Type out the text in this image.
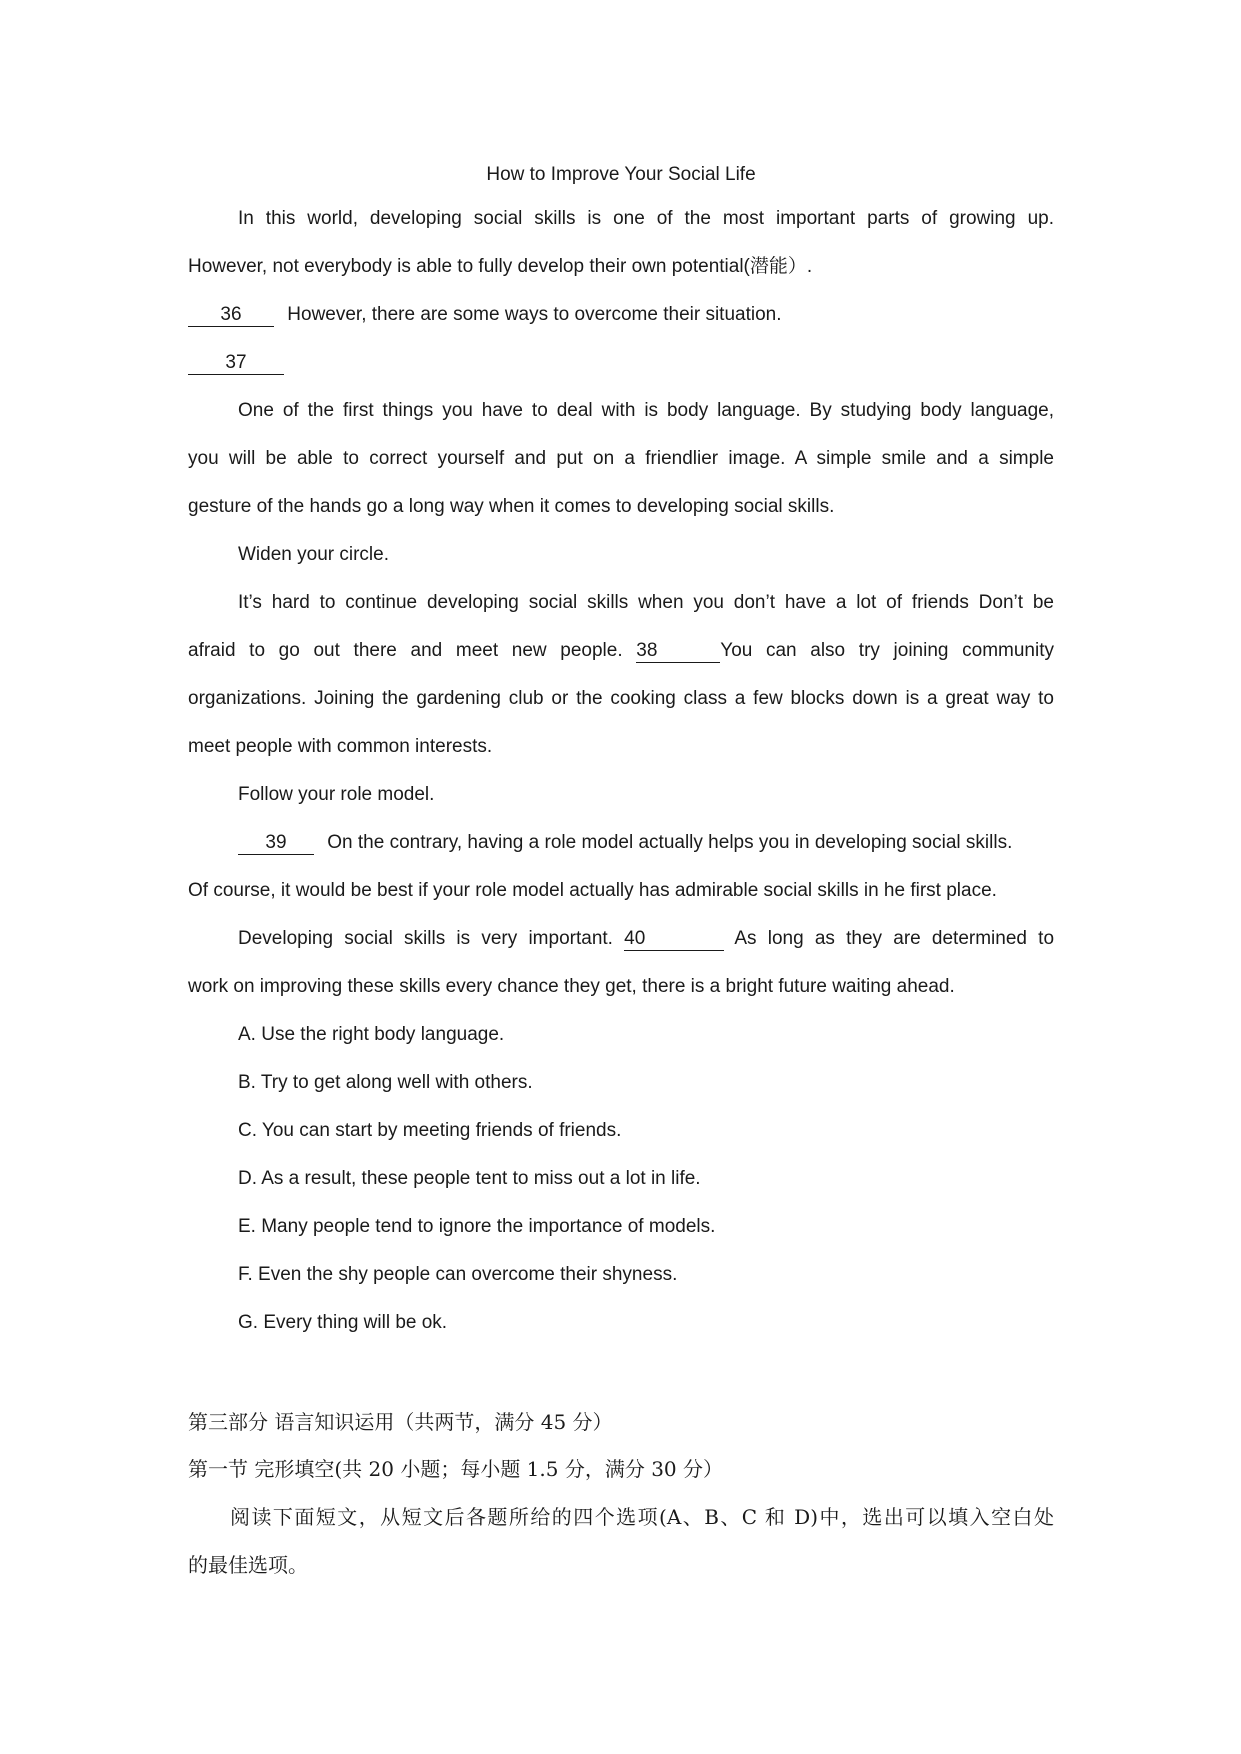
How to Improve Your Social Life
In this world, developing social skills is one of the most important parts of growing up.
However, not everybody is able to fully develop their own potential(潜能）.
36 However, there are some ways to overcome their situation.
37
One of the first things you have to deal with is body language. By studying body language,
you will be able to correct yourself and put on a friendlier image. A simple smile and a simple
gesture of the hands go a long way when it comes to developing social skills.
Widen your circle.
It’s hard to continue developing social skills when you don’t have a lot of friends Don’t be
afraid to go out there and meet new people. 38	You can also try joining community
organizations. Joining the gardening club or the cooking class a few blocks down is a great way to
meet people with common interests.
Follow your role model.
39 On the contrary, having a role model actually helps you in developing social skills.
Of course, it would be best if your role model actually has admirable social skills in he first place.
Developing social skills is very important. 40	As long as they are determined to
work on improving these skills every chance they get, there is a bright future waiting ahead.
A. Use the right body language.
B. Try to get along well with others.
C. You can start by meeting friends of friends.
D. As a result, these people tent to miss out a lot in life.
E. Many people tend to ignore the importance of models.
F. Even the shy people can overcome their shyness.
G. Every thing will be ok.
第三部分 语言知识运用（共两节，满分 45 分）
第一节 完形填空(共 20 小题；每小题 1.5 分，满分 30 分）
阅读下面短文，从短文后各题所给的四个选项(A、B、C 和 D)中，选出可以填入空白处
的最佳选项。
